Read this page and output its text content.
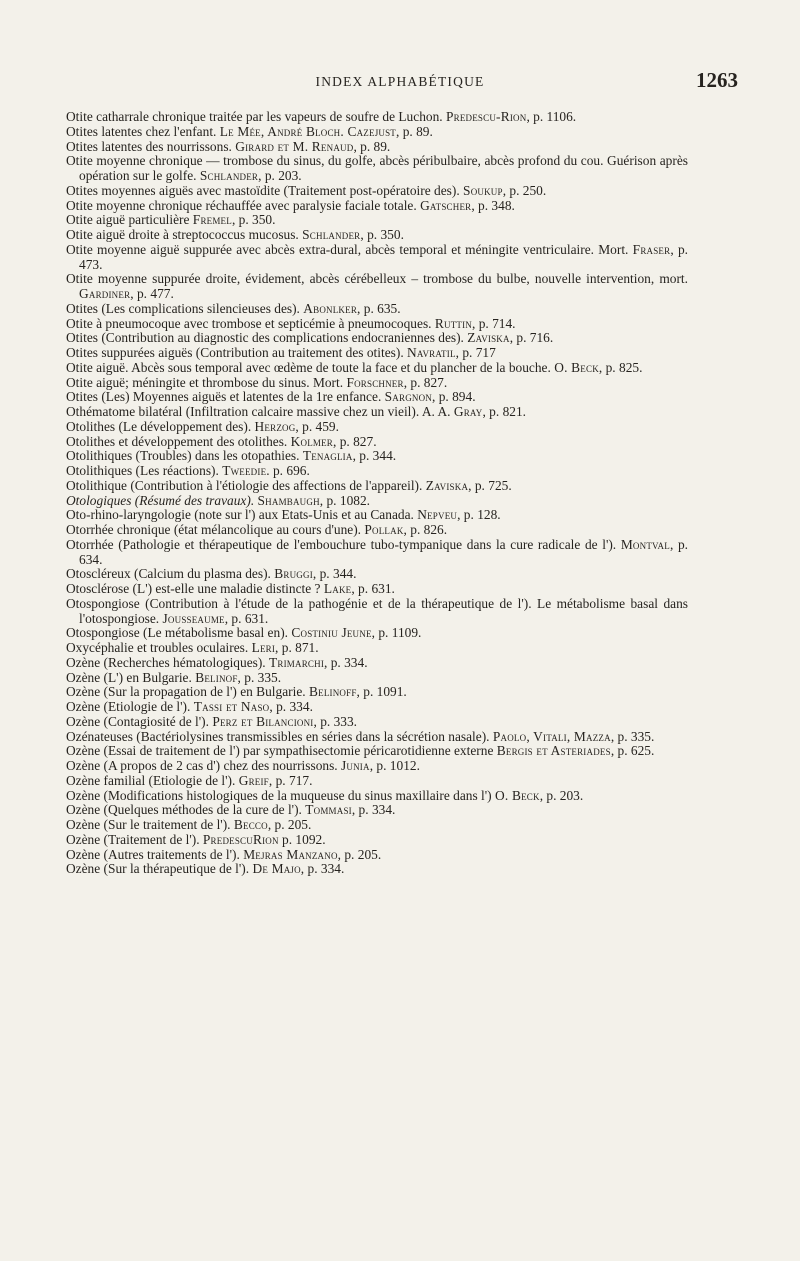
INDEX ALPHABÉTIQUE	1263
Otite catharrale chronique traitée par les vapeurs de soufre de Luchon. Predescu-Rion, p. 1106.
Otites latentes chez l'enfant. Le Mée, André Bloch. Cazejust, p. 89.
Otites latentes des nourrissons. Girard et M. Renaud, p. 89.
Otite moyenne chronique — trombose du sinus, du golfe, abcès péribulbaire, abcès profond du cou. Guérison après opération sur le golfe. Schlander, p. 203.
Otites moyennes aiguës avec mastoïdite (Traitement post-opératoire des). Soukup, p. 250.
Otite moyenne chronique réchauffée avec paralysie faciale totale. Gatscher, p. 348.
Otite aiguë particulière Fremel, p. 350.
Otite aiguë droite à streptococcus mucosus. Schlander, p. 350.
Otite moyenne aiguë suppurée avec abcès extra-dural, abcès temporal et méningite ventriculaire. Mort. Fraser, p. 473.
Otite moyenne suppurée droite, évidement, abcès cérébelleux – trombose du bulbe, nouvelle intervention, mort. Gardiner, p. 477.
Otites (Les complications silencieuses des). Abonlker, p. 635.
Otite à pneumocoque avec trombose et septicémie à pneumocoques. Ruttin, p. 714.
Otites (Contribution au diagnostic des complications endocraniennes des). Zaviska, p. 716.
Otites suppurées aiguës (Contribution au traitement des otites). Navratil, p. 717
Otite aiguë. Abcès sous temporal avec œdème de toute la face et du plancher de la bouche. O. Beck, p. 825.
Otite aiguë; méningite et thrombose du sinus. Mort. Forschner, p. 827.
Otites (Les) Moyennes aiguës et latentes de la 1re enfance. Sargnon, p. 894.
Othématome bilatéral (Infiltration calcaire massive chez un vieil). A. A. Gray, p. 821.
Otolithes (Le développement des). Herzog, p. 459.
Otolithes et développement des otolithes. Kolmer, p. 827.
Otolithiques (Troubles) dans les otopathies. Tenaglia, p. 344.
Otolithiques (Les réactions). Tweedie. p. 696.
Otolithique (Contribution à l'étiologie des affections de l'appareil). Zaviska, p. 725.
Otologiques (Résumé des travaux). Shambaugh, p. 1082.
Oto-rhino-laryngologie (note sur l') aux Etats-Unis et au Canada. Nepveu, p. 128.
Otorrhée chronique (état mélancolique au cours d'une). Pollak, p. 826.
Otorrhée (Pathologie et thérapeutique de l'embouchure tubo-tympanique dans la cure radicale de l'). Montval, p. 634.
Otoscléreux (Calcium du plasma des). Bruggi, p. 344.
Otosclérose (L') est-elle une maladie distincte ? Lake, p. 631.
Otospongiose (Contribution à l'étude de la pathogénie et de la thérapeutique de l'). Le métabolisme basal dans l'otospongiose. Jousseaume, p. 631.
Otospongiose (Le métabolisme basal en). Costiniu Jeune, p. 1109.
Oxycéphalie et troubles oculaires. Leri, p. 871.
Ozène (Recherches hématologiques). Trimarchi, p. 334.
Ozène (L') en Bulgarie. Belinof, p. 335.
Ozène (Sur la propagation de l') en Bulgarie. Belinoff, p. 1091.
Ozène (Etiologie de l'). Tassi et Naso, p. 334.
Ozène (Contagiosité de l'). Perz et Bilancioni, p. 333.
Ozénateuses (Bactériolysines transmissibles en séries dans la sécrétion nasale). Paolo, Vitali, Mazza, p. 335.
Ozène (Essai de traitement de l') par sympathisectomie péricarotidienne externe Bergis et Asteriades, p. 625.
Ozène (A propos de 2 cas d') chez des nourrissons. Junia, p. 1012.
Ozène familial (Etiologie de l'). Greif, p. 717.
Ozène (Modifications histologiques de la muqueuse du sinus maxillaire dans l') O. Beck, p. 203.
Ozène (Quelques méthodes de la cure de l'). Tommasi, p. 334.
Ozène (Sur le traitement de l'). Becco, p. 205.
Ozène (Traitement de l'). PredescuRion p. 1092.
Ozène (Autres traitements de l'). Mejras Manzano, p. 205.
Ozène (Sur la thérapeutique de l'). De Majo, p. 334.
